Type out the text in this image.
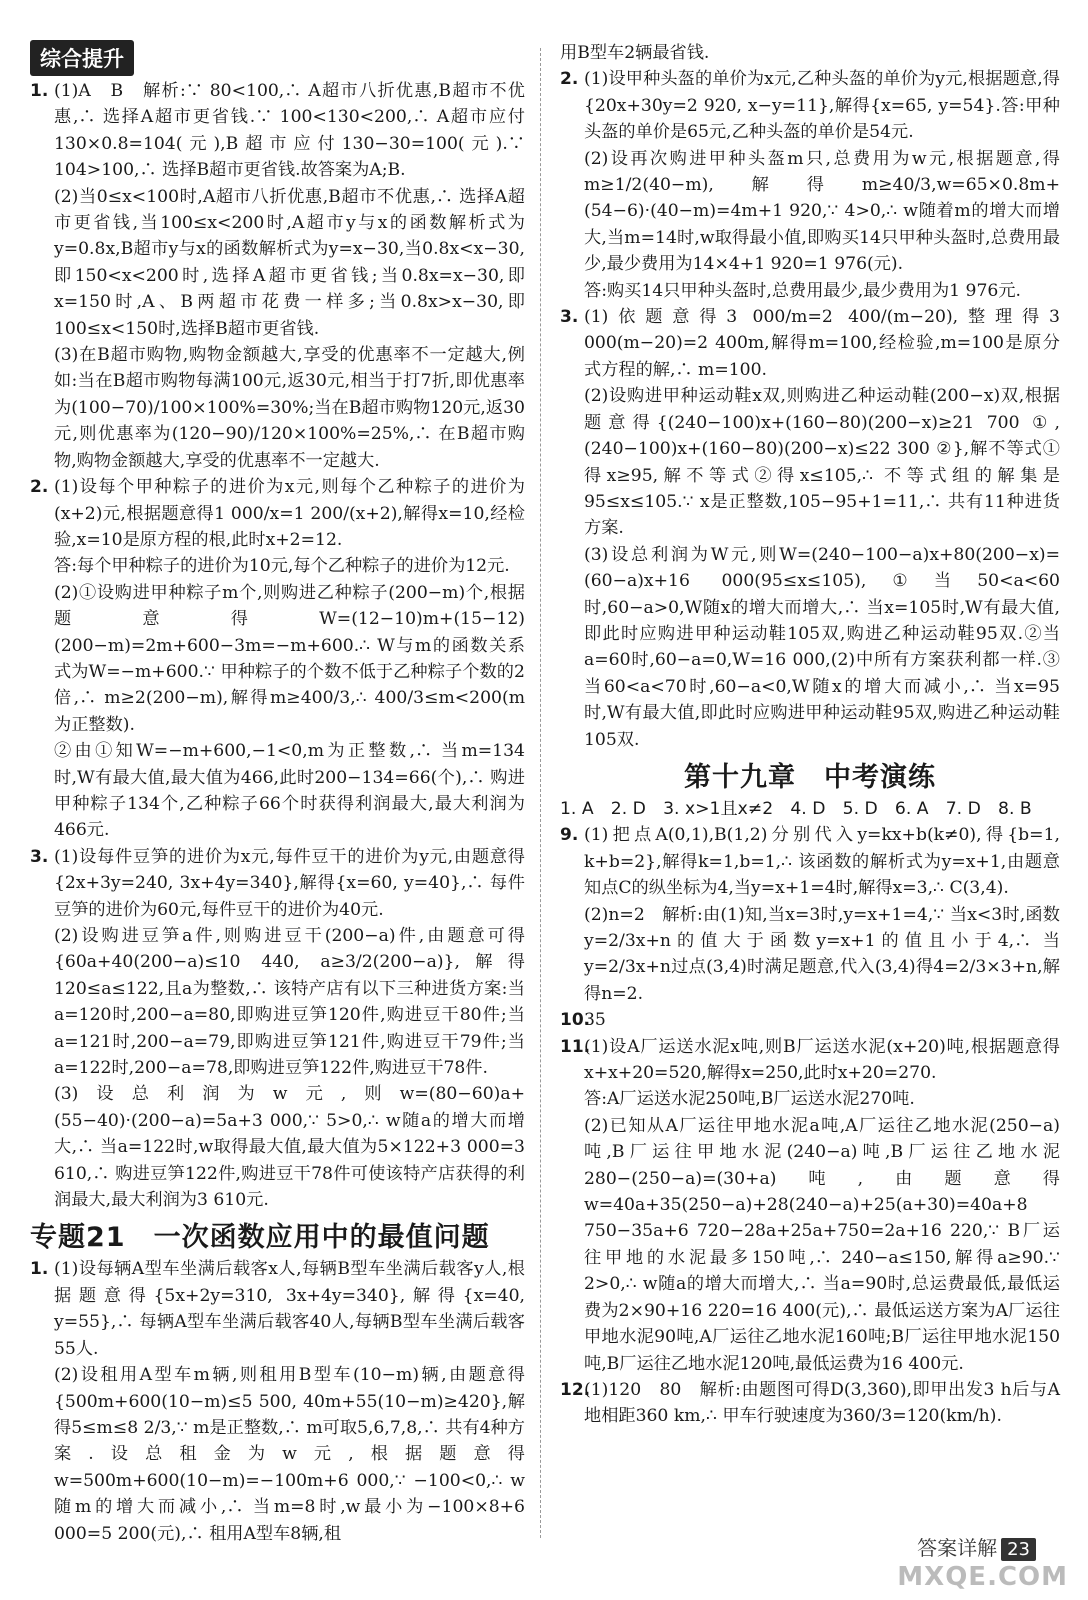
综合提升
1. (1)A　B　解析:∵ 80<100,∴ A超市八折优惠,B超市不优惠,∴ 选择A超市更省钱.∵ 100<130<200,∴ A超市应付130×0.8=104(元),B超市应付130−30=100(元).∵ 104>100,∴ 选择B超市更省钱.故答案为A;B.

(2)当0≤x<100时,A超市八折优惠,B超市不优惠,∴ 选择A超市更省钱,当100≤x<200时,A超市y与x的函数解析式为y=0.8x,B超市y与x的函数解析式为y=x−30,当0.8x<x−30,即150<x<200时,选择A超市更省钱;当0.8x=x−30,即x=150时,A、B两超市花费一样多;当0.8x>x−30,即100≤x<150时,选择B超市更省钱.

(3)在B超市购物,购物金额越大,享受的优惠率不一定越大,例如:当在B超市购物每满100元,返30元,相当于打7折,即优惠率为(100−70)/100×100%=30%;当在B超市购物120元,返30元,则优惠率为(120−90)/120×100%=25%,∴ 在B超市购物,购物金额越大,享受的优惠率不一定越大.

2. (1)设每个甲种粽子的进价为x元,则每个乙种粽子的进价为(x+2)元,根据题意得1 000/x=1 200/(x+2),解得x=10,经检验,x=10是原方程的根,此时x+2=12.

答:每个甲种粽子的进价为10元,每个乙种粽子的进价为12元.

(2)①设购进甲种粽子m个,则购进乙种粽子(200−m)个,根据题意得W=(12−10)m+(15−12)(200−m)=2m+600−3m=−m+600.∴ W与m的函数关系式为W=−m+600.∵ 甲种粽子的个数不低于乙种粽子个数的2倍,∴ m≥2(200−m),解得m≥400/3,∴ 400/3≤m<200(m为正整数).

②由①知W=−m+600,−1<0,m为正整数,∴ 当m=134时,W有最大值,最大值为466,此时200−134=66(个),∴ 购进甲种粽子134个,乙种粽子66个时获得利润最大,最大利润为466元.

3. (1)设每件豆笋的进价为x元,每件豆干的进价为y元,由题意得{2x+3y=240, 3x+4y=340},解得{x=60, y=40},∴ 每件豆笋的进价为60元,每件豆干的进价为40元.

(2)设购进豆笋a件,则购进豆干(200−a)件,由题意可得{60a+40(200−a)≤10 440, a≥3/2(200−a)},解得120≤a≤122,且a为整数,∴ 该特产店有以下三种进货方案:当a=120时,200−a=80,即购进豆笋120件,购进豆干80件;当a=121时,200−a=79,即购进豆笋121件,购进豆干79件;当a=122时,200−a=78,即购进豆笋122件,购进豆干78件.

(3)设总利润为w元,则w=(80−60)a+(55−40)·(200−a)=5a+3 000,∵ 5>0,∴ w随a的增大而增大,∴ 当a=122时,w取得最大值,最大值为5×122+3 000=3 610,∴ 购进豆笋122件,购进豆干78件可使该特产店获得的利润最大,最大利润为3 610元.

专题21　一次函数应用中的最值问题
1. (1)设每辆A型车坐满后载客x人,每辆B型车坐满后载客y人,根据题意得{5x+2y=310, 3x+4y=340},解得{x=40, y=55},∴ 每辆A型车坐满后载客40人,每辆B型车坐满后载客55人.

(2)设租用A型车m辆,则租用B型车(10−m)辆,由题意得{500m+600(10−m)≤5 500, 40m+55(10−m)≥420},解得5≤m≤8 2/3,∵ m是正整数,∴ m可取5,6,7,8,∴ 共有4种方案.设总租金为w元,根据题意得w=500m+600(10−m)=−100m+6 000,∵ −100<0,∴ w随m的增大而减小,∴ 当m=8时,w最小为−100×8+6 000=5 200(元),∴ 租用A型车8辆,租

用B型车2辆最省钱.

2. (1)设甲种头盔的单价为x元,乙种头盔的单价为y元,根据题意,得{20x+30y=2 920, x−y=11},解得{x=65, y=54}.答:甲种头盔的单价是65元,乙种头盔的单价是54元.

(2)设再次购进甲种头盔m只,总费用为w元,根据题意,得m≥1/2(40−m),解得m≥40/3,w=65×0.8m+(54−6)·(40−m)=4m+1 920,∵ 4>0,∴ w随着m的增大而增大,当m=14时,w取得最小值,即购买14只甲种头盔时,总费用最少,最少费用为14×4+1 920=1 976(元).

答:购买14只甲种头盔时,总费用最少,最少费用为1 976元.

3. (1)依题意得3 000/m=2 400/(m−20),整理得3 000(m−20)=2 400m,解得m=100,经检验,m=100是原分式方程的解,∴ m=100.

(2)设购进甲种运动鞋x双,则购进乙种运动鞋(200−x)双,根据题意得{(240−100)x+(160−80)(200−x)≥21 700 ①, (240−100)x+(160−80)(200−x)≤22 300 ②},解不等式①得x≥95,解不等式②得x≤105,∴ 不等式组的解集是95≤x≤105.∵ x是正整数,105−95+1=11,∴ 共有11种进货方案.

(3)设总利润为W元,则W=(240−100−a)x+80(200−x)=(60−a)x+16 000(95≤x≤105),①当50<a<60时,60−a>0,W随x的增大而增大,∴ 当x=105时,W有最大值,即此时应购进甲种运动鞋105双,购进乙种运动鞋95双.②当a=60时,60−a=0,W=16 000,(2)中所有方案获利都一样.③当60<a<70时,60−a<0,W随x的增大而减小,∴ 当x=95时,W有最大值,即此时应购进甲种运动鞋95双,购进乙种运动鞋105双.

第十九章　中考演练

1. A　2. D　3. x>1且x≠2　4. D　5. D　6. A　7. D　8. B

9. (1)把点A(0,1),B(1,2)分别代入y=kx+b(k≠0),得{b=1, k+b=2},解得k=1,b=1,∴ 该函数的解析式为y=x+1,由题意知点C的纵坐标为4,当y=x+1=4时,解得x=3,∴ C(3,4).

(2)n=2　解析:由(1)知,当x=3时,y=x+1=4,∵ 当x<3时,函数y=2/3x+n的值大于函数y=x+1的值且小于4,∴ 当y=2/3x+n过点(3,4)时满足题意,代入(3,4)得4=2/3×3+n,解得n=2.

10.

35

11.

(1)设A厂运送水泥x吨,则B厂运送水泥(x+20)吨,根据题意得x+x+20=520,解得x=250,此时x+20=270.

答:A厂运送水泥250吨,B厂运送水泥270吨.

(2)已知从A厂运往甲地水泥a吨,A厂运往乙地水泥(250−a)吨,B厂运往甲地水泥(240−a)吨,B厂运往乙地水泥280−(250−a)=(30+a)吨,由题意得w=40a+35(250−a)+28(240−a)+25(a+30)=40a+8 750−35a+6 720−28a+25a+750=2a+16 220,∵ B厂运往甲地的水泥最多150吨,∴ 240−a≤150,解得a≥90.∵ 2>0,∴ w随a的增大而增大,∴ 当a=90时,总运费最低,最低运费为2×90+16 220=16 400(元),∴ 最低运送方案为A厂运往甲地水泥90吨,A厂运往乙地水泥160吨;B厂运往甲地水泥150吨,B厂运往乙地水泥120吨,最低运费为16 400元.

12.

(1)120　80　解析:由题图可得D(3,360),即甲出发3 h后与A地相距360 km,∴ 甲车行驶速度为360/3=120(km/h).

答案详解 23
MXQE.COM
